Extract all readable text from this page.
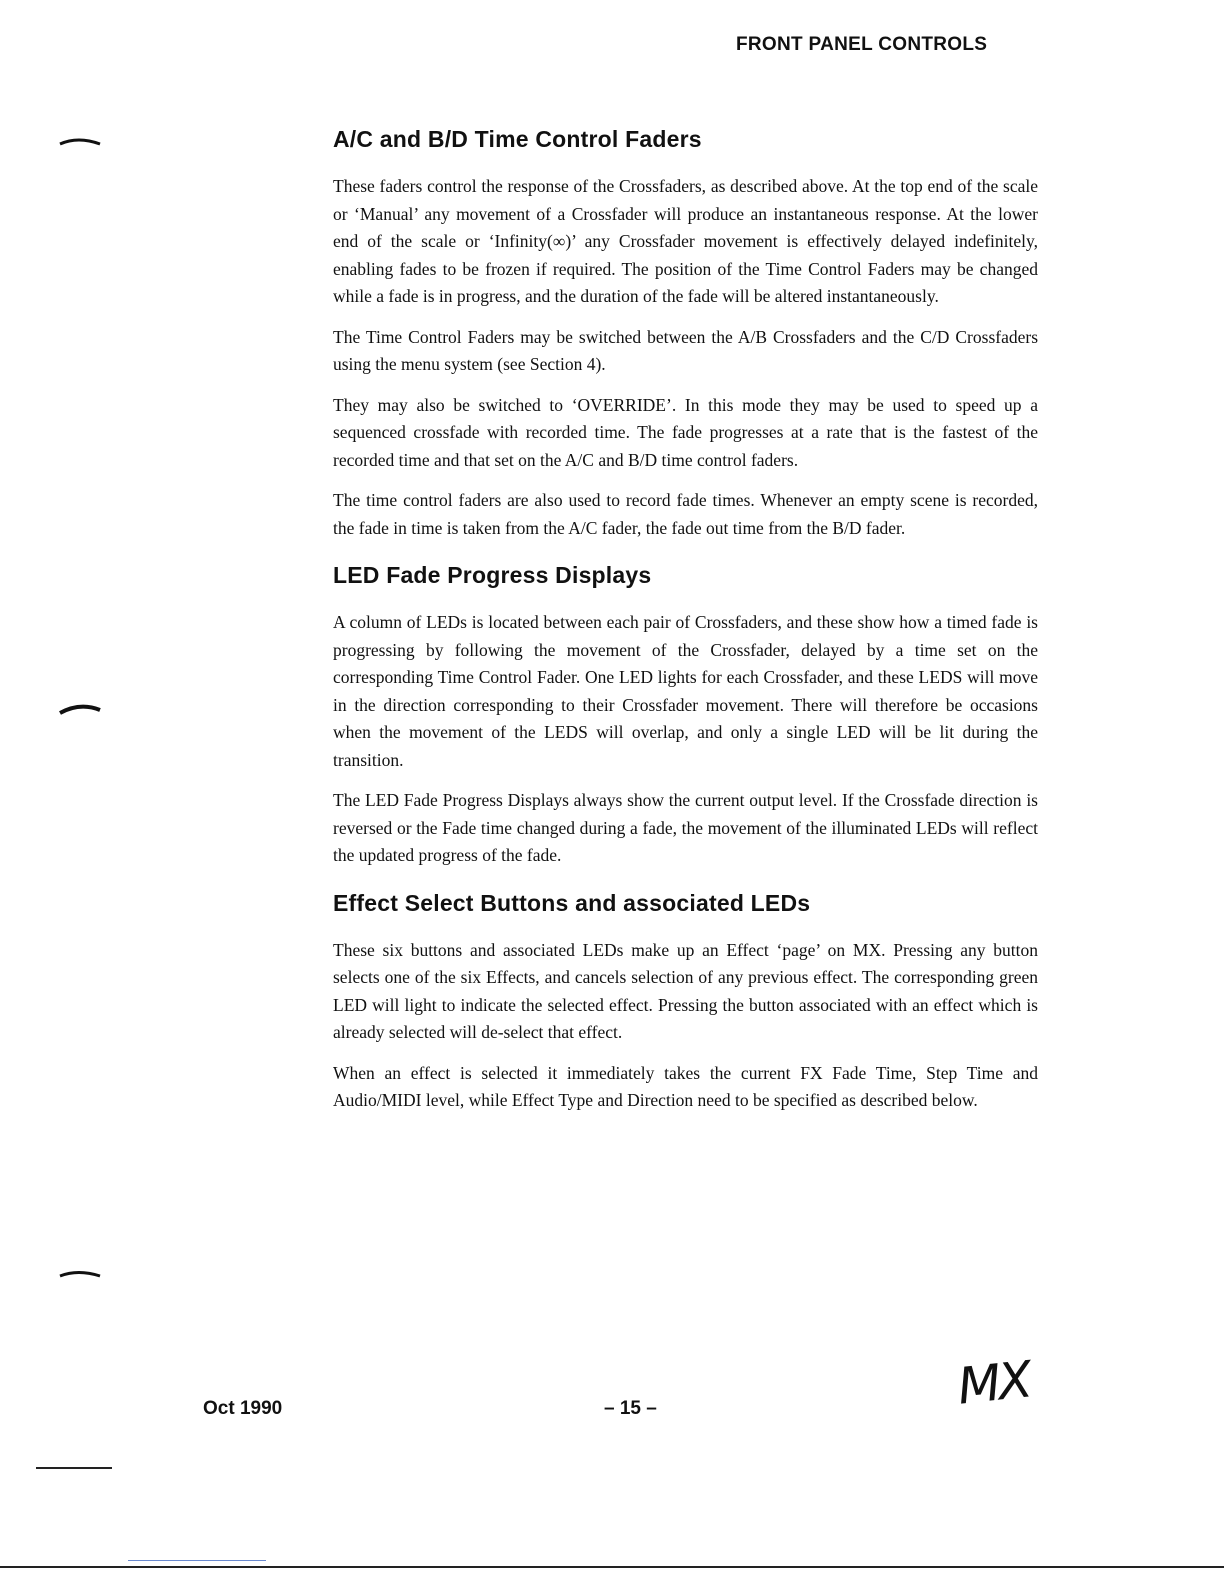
FRONT PANEL CONTROLS
A/C and B/D Time Control Faders

These faders control the response of the Crossfaders, as described above. At the top end of the scale or ‘Manual’ any movement of a Crossfader will produce an instantaneous response. At the lower end of the scale or ‘Infinity(∞)’ any Crossfader movement is effectively delayed indefinitely, enabling fades to be frozen if required. The position of the Time Control Faders may be changed while a fade is in progress, and the duration of the fade will be altered instantaneously.

The Time Control Faders may be switched between the A/B Crossfaders and the C/D Crossfaders using the menu system (see Section 4).

They may also be switched to ‘OVERRIDE’. In this mode they may be used to speed up a sequenced crossfade with recorded time. The fade progresses at a rate that is the fastest of the recorded time and that set on the A/C and B/D time control faders.

The time control faders are also used to record fade times. Whenever an empty scene is recorded, the fade in time is taken from the A/C fader, the fade out time from the B/D fader.

LED Fade Progress Displays

A column of LEDs is located between each pair of Crossfaders, and these show how a timed fade is progressing by following the movement of the Crossfader, delayed by a time set on the corresponding Time Control Fader. One LED lights for each Crossfader, and these LEDS will move in the direction corresponding to their Crossfader movement. There will therefore be occasions when the movement of the LEDS will overlap, and only a single LED will be lit during the transition.

The LED Fade Progress Displays always show the current output level. If the Crossfade direction is reversed or the Fade time changed during a fade, the movement of the illuminated LEDs will reflect the updated progress of the fade.

Effect Select Buttons and associated LEDs

These six buttons and associated LEDs make up an Effect ‘page’ on MX. Pressing any button selects one of the six Effects, and cancels selection of any previous effect. The corresponding green LED will light to indicate the selected effect. Pressing the button associated with an effect which is already selected will de-select that effect.

When an effect is selected it immediately takes the current FX Fade Time, Step Time and Audio/MIDI level, while Effect Type and Direction need to be specified as described below.

Oct 1990	– 15 –	MX
